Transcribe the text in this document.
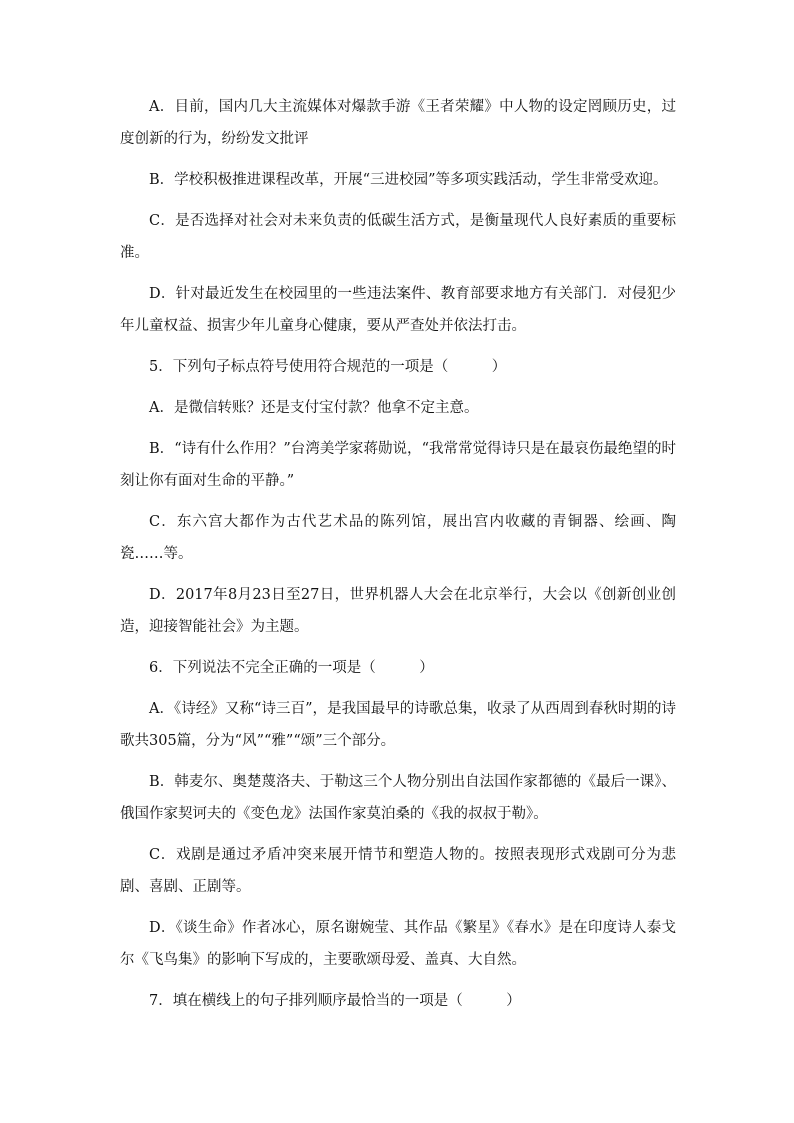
A．目前，国内几大主流媒体对爆款手游《王者荣耀》中人物的设定罔顾历史，过度创新的行为，纷纷发文批评

B．学校积极推进课程改革，开展“三进校园”等多项实践活动，学生非常受欢迎。

C．是否选择对社会对未来负责的低碳生活方式，是衡量现代人良好素质的重要标准。

D．针对最近发生在校园里的一些违法案件、教育部要求地方有关部门．对侵犯少年儿童权益、损害少年儿童身心健康，要从严查处并依法打击。

5．下列句子标点符号使用符合规范的一项是（　　　）

A．是微信转账？还是支付宝付款？他拿不定主意。

B．“诗有什么作用？”台湾美学家蒋勋说，“我常常觉得诗只是在最哀伤最绝望的时刻让你有面对生命的平静。”

C．东六宫大都作为古代艺术品的陈列馆，展出宫内收藏的青铜器、绘画、陶瓷……等。

D．2017年8月23日至27日，世界机器人大会在北京举行，大会以《创新创业创造，迎接智能社会》为主题。

6．下列说法不完全正确的一项是（　　　）

A．《诗经》又称“诗三百”，是我国最早的诗歌总集，收录了从西周到春秋时期的诗歌共305篇，分为“风”“雅”“颂”三个部分。

B．韩麦尔、奥楚蔑洛夫、于勒这三个人物分别出自法国作家都德的《最后一课》、俄国作家契诃夫的《变色龙》法国作家莫泊桑的《我的叔叔于勒》。

C．戏剧是通过矛盾冲突来展开情节和塑造人物的。按照表现形式戏剧可分为悲剧、喜剧、正剧等。

D．《谈生命》作者冰心，原名谢婉莹、其作品《繁星》《春水》是在印度诗人泰戈尔《飞鸟集》的影响下写成的，主要歌颂母爱、盖真、大自然。

7．填在横线上的句子排列顺序最恰当的一项是（　　　）
